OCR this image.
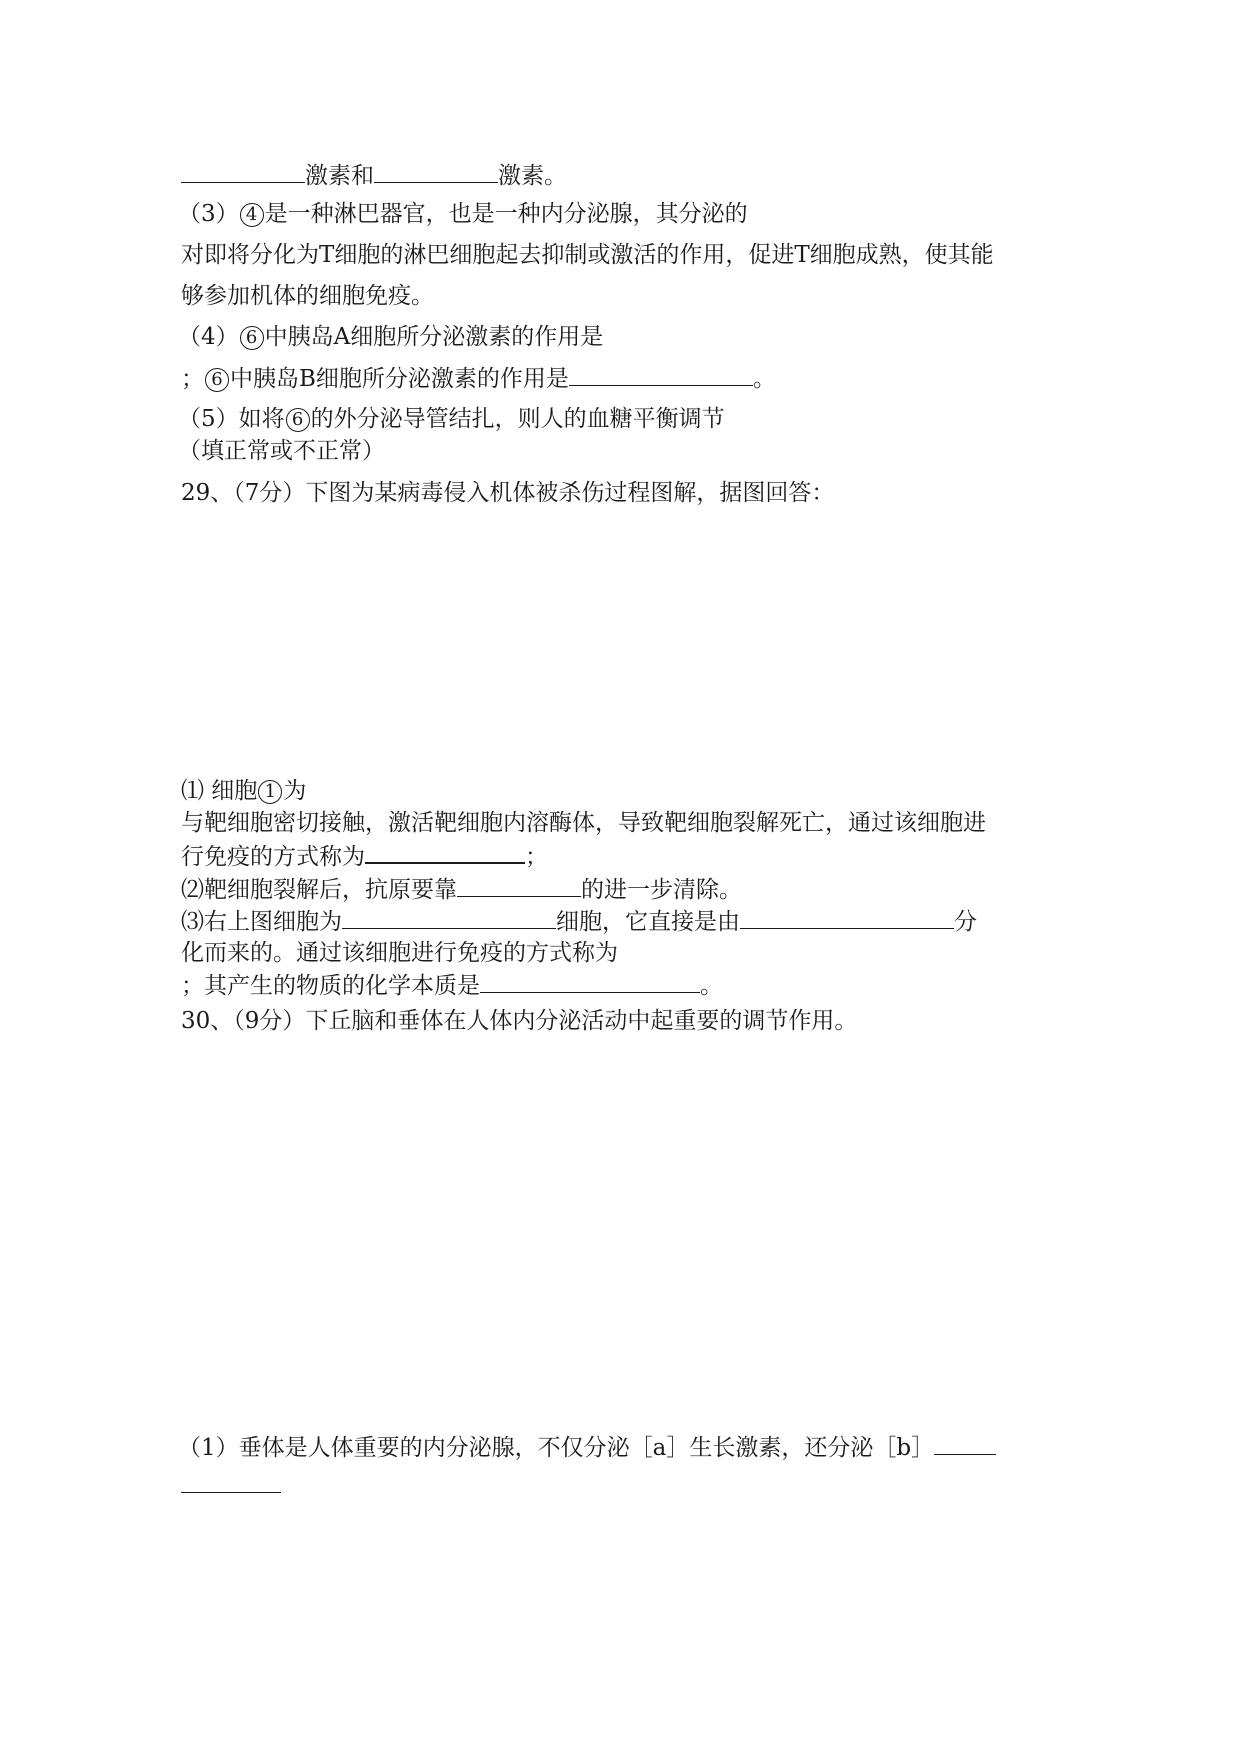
激素和	激素。
（3） 4 是一种淋巴器官，也是一种内分泌腺，其分泌的
对即将分化为T细胞的淋巴细胞起去抑制或激活的作用，促进T细胞成熟，使其能
够参加机体的细胞免疫。
（4） 6 中胰岛A细胞所分泌激素的作用是
； 6 中胰岛B细胞所分泌激素的作用是	。
（5）如将 6 的外分泌导管结扎，则人的血糖平衡调节
（填正常或不正常）
29、（7分）下图为某病毒侵入机体被杀伤过程图解，据图回答：
⑴ 细胞 1 为
与靶细胞密切接触，激活靶细胞内溶酶体，导致靶细胞裂解死亡，通过该细胞进
行免疫的方式称为	；
⑵靶细胞裂解后，抗原要靠	的进一步清除。
⑶右上图细胞为	细胞，它直接是由	分
化而来的。通过该细胞进行免疫的方式称为
；其产生的物质的化学本质是	。
30、（9分）下丘脑和垂体在人体内分泌活动中起重要的调节作用。
（1）垂体是人体重要的内分泌腺，不仅分泌［a］生长激素，还分泌［b］
